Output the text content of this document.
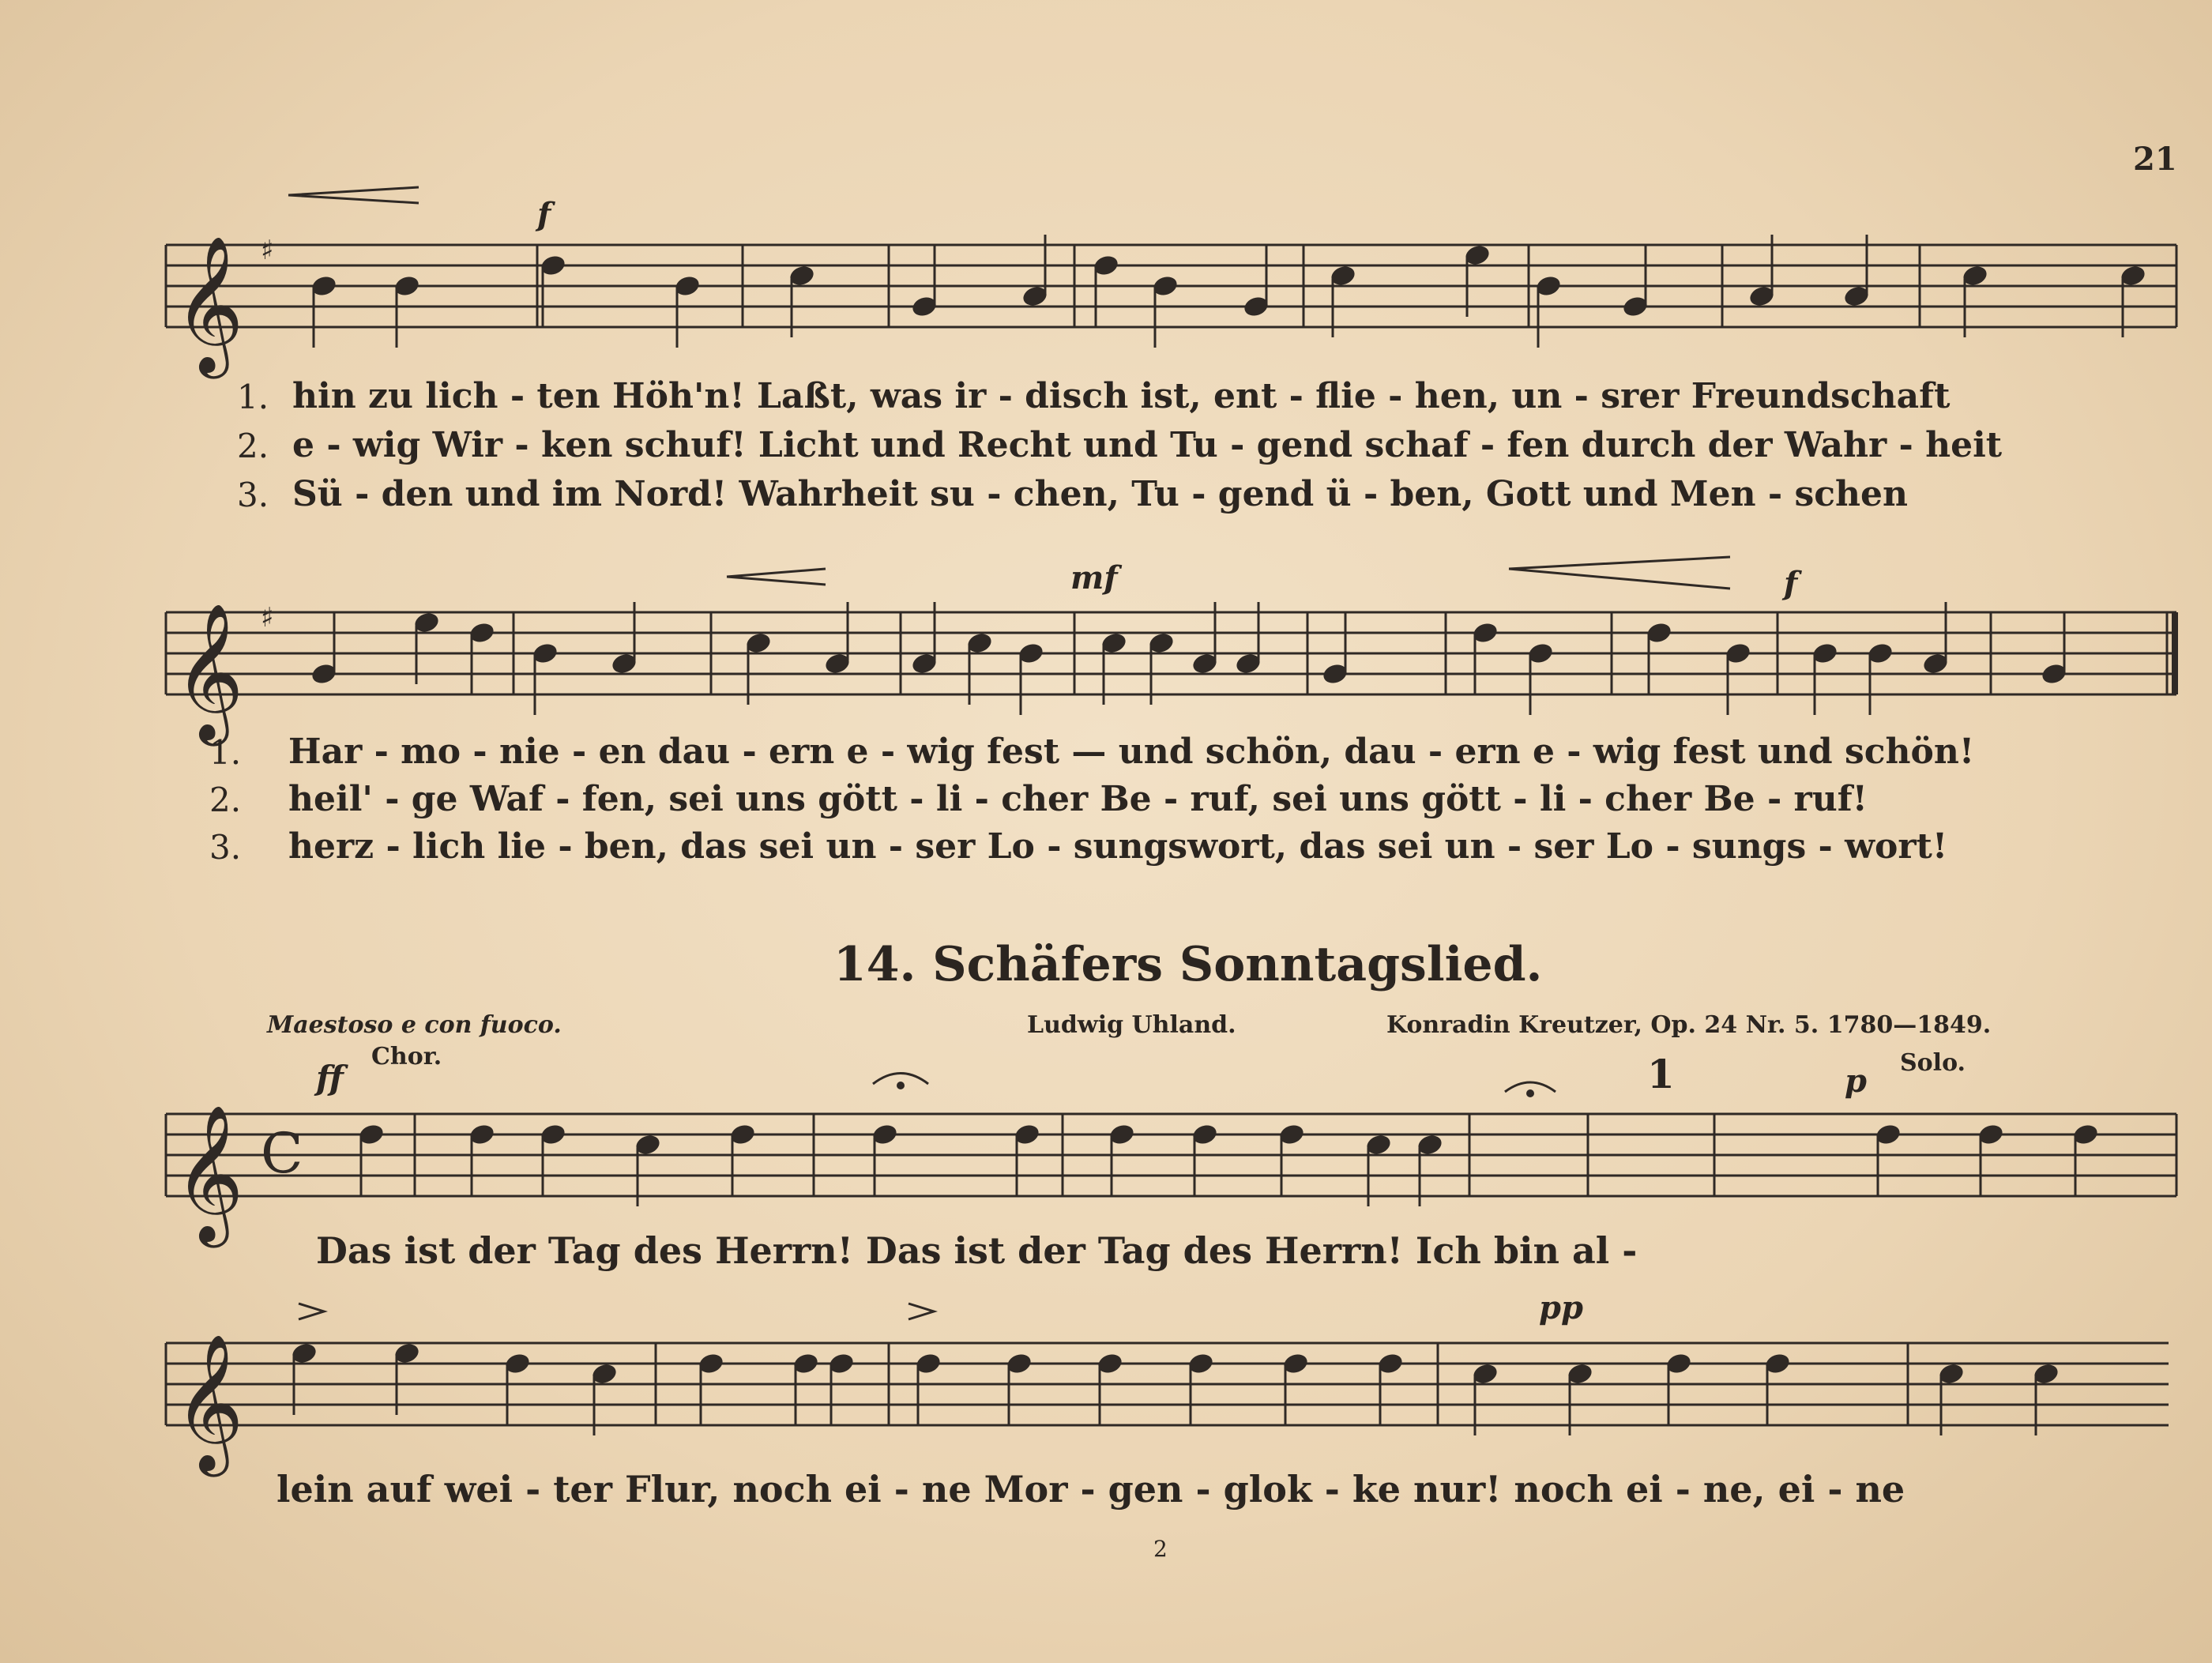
𝄞 ♯
𝄞 ♯
𝄞 C
𝄞
21
f
1. hin zu lich - ten Höh'n! Laßt, was ir - disch ist, ent - flie - hen, un - srer Freundschaft
2. e - wig Wir - ken schuf! Licht und Recht und Tu - gend schaf - fen durch der Wahr - heit
3. Sü - den und im Nord! Wahrheit su - chen, Tu - gend ü - ben, Gott und Men - schen
mf	f
1. Har - mo - nie - en dau - ern e - wig fest — und schön, dau - ern e - wig fest und schön!
2. heil' - ge Waf - fen, sei uns gött - li - cher Be - ruf, sei uns gött - li - cher Be - ruf!
3. herz - lich lie - ben, das sei un - ser Lo - sungswort, das sei un - ser Lo - sungs - wort!
14. Schäfers Sonntagslied.
Maestoso e con fuoco.	Ludwig Uhland.	Konradin Kreutzer, Op. 24 Nr. 5. 1780—1849.
ff
Chor.	1	p Solo.
Das ist der Tag des Herrn! Das ist der Tag des Herrn! Ich bin al -
pp
lein auf wei - ter Flur, noch ei - ne Mor - gen - glok - ke nur! noch ei - ne, ei - ne
2
